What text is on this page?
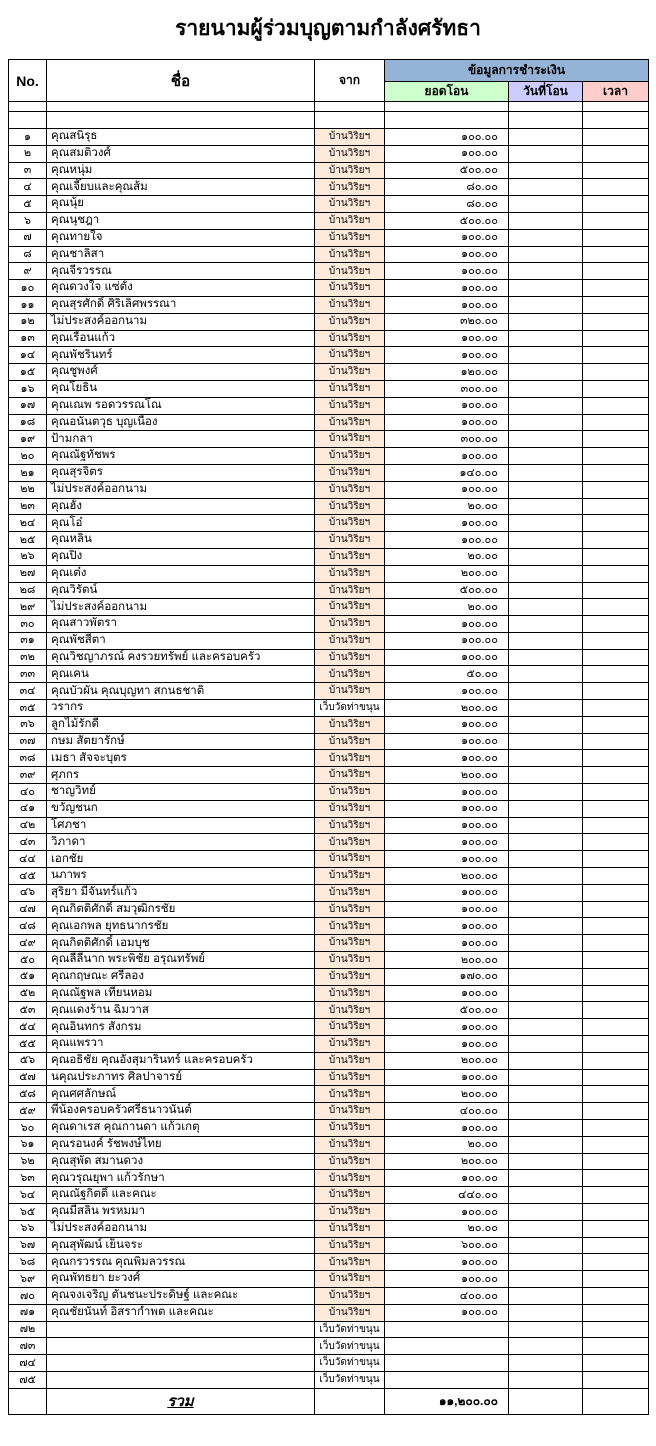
รายนามผู้ร่วมบุญตามกำลังศรัทธา
No.	ชื่อ	จาก	ข้อมูลการชำระเงิน		
			ยอดโอน	วันที่โอน	เวลา

๑	คุณสนิรุธ	บ้านวิริยฯ	๑๐๐.๐๐		
๒	คุณสมติวงศ์	บ้านวิริยฯ	๑๐๐.๐๐		
๓	คุณหนุ่ม	บ้านวิริยฯ	๕๐๐.๐๐		
๔	คุณเจี๊ยบและคุณส้ม	บ้านวิริยฯ	๘๐.๐๐		
๕	คุณนุ้ย	บ้านวิริยฯ	๘๐.๐๐		
๖	คุณนุชฎา	บ้านวิริยฯ	๕๐๐.๐๐		
๗	คุณทายใจ	บ้านวิริยฯ	๑๐๐.๐๐		
๘	คุณชาลิสา	บ้านวิริยฯ	๑๐๐.๐๐		
๙	คุณจีรวรรณ	บ้านวิริยฯ	๑๐๐.๐๐		
๑๐	คุณดวงใจ แซ่ตั้ง	บ้านวิริยฯ	๑๐๐.๐๐		
๑๑	คุณสุรศักดิ์ ศิริเลิศพรรณา	บ้านวิริยฯ	๑๐๐.๐๐		
๑๒	ไม่ประสงค์ออกนาม	บ้านวิริยฯ	๓๒๐.๐๐		
๑๓	คุณเรือนแก้ว	บ้านวิริยฯ	๑๐๐.๐๐		
๑๔	คุณพัชรินทร์	บ้านวิริยฯ	๑๐๐.๐๐		
๑๕	คุณชูพงศ์	บ้านวิริยฯ	๑๒๐.๐๐		
๑๖	คุณโยธิน	บ้านวิริยฯ	๓๐๐.๐๐		
๑๗	คุณเณพ รอดวรรณโณ	บ้านวิริยฯ	๑๐๐.๐๐		
๑๘	คุณอนันตวุธ บุญเนื่อง	บ้านวิริยฯ	๑๐๐.๐๐		
๑๙	ป้ามกลา	บ้านวิริยฯ	๓๐๐.๐๐		
๒๐	คุณณัฐทัชพร	บ้านวิริยฯ	๑๐๐.๐๐		
๒๑	คุณสุรจิตร	บ้านวิริยฯ	๑๔๐.๐๐		
๒๒	ไม่ประสงค์ออกนาม	บ้านวิริยฯ	๑๐๐.๐๐		
๒๓	คุณฮั้ง	บ้านวิริยฯ	๒๐.๐๐		
๒๔	คุณโอ๋	บ้านวิริยฯ	๑๐๐.๐๐		
๒๕	คุณหลิน	บ้านวิริยฯ	๑๐๐.๐๐		
๒๖	คุณปิ๋ง	บ้านวิริยฯ	๒๐.๐๐		
๒๗	คุณเต๋ง	บ้านวิริยฯ	๒๐๐.๐๐		
๒๘	คุณวิรัตน์	บ้านวิริยฯ	๕๐๐.๐๐		
๒๙	ไม่ประสงค์ออกนาม	บ้านวิริยฯ	๒๐.๐๐		
๓๐	คุณสาวพัตรา	บ้านวิริยฯ	๑๐๐.๐๐		
๓๑	คุณพัชสีตา	บ้านวิริยฯ	๑๐๐.๐๐		
๓๒	คุณวิชญาภรณ์ คงรวยทรัพย์ และครอบครัว	บ้านวิริยฯ	๑๐๐.๐๐		
๓๓	คุณเคน	บ้านวิริยฯ	๕๐.๐๐		
๓๔	คุณบัวผัน คุณบุญทา สกนธชาติ	บ้านวิริยฯ	๑๐๐.๐๐		
๓๕	วรากร	เว็บวัดท่าขนุน	๒๐๐.๐๐		
๓๖	ลูกไม้รักดี	บ้านวิริยฯ	๑๐๐.๐๐		
๓๗	กษม สัตยารักษ์	บ้านวิริยฯ	๑๐๐.๐๐		
๓๘	เมธา สัจจะบุตร	บ้านวิริยฯ	๑๐๐.๐๐		
๓๙	ศุภกร	บ้านวิริยฯ	๒๐๐.๐๐		
๔๐	ชาญวิทย์	บ้านวิริยฯ	๑๐๐.๐๐		
๔๑	ขวัญชนก	บ้านวิริยฯ	๑๐๐.๐๐		
๔๒	โศภชา	บ้านวิริยฯ	๑๐๐.๐๐		
๔๓	วิภาดา	บ้านวิริยฯ	๑๐๐.๐๐		
๔๔	เอกชัย	บ้านวิริยฯ	๑๐๐.๐๐		
๔๕	นภาพร	บ้านวิริยฯ	๒๐๐.๐๐		
๔๖	สุริยา มีจันทร์แก้ว	บ้านวิริยฯ	๑๐๐.๐๐		
๔๗	คุณกิตติศักดิ์ สมวุฒิกรชัย	บ้านวิริยฯ	๑๐๐.๐๐		
๔๘	คุณเอกพล ยุทธนากรชัย	บ้านวิริยฯ	๑๐๐.๐๐		
๔๙	คุณกิตติศักดิ์ เอมบุช	บ้านวิริยฯ	๑๐๐.๐๐		
๕๐	คุณลีลีนาก พระพิชัย อรุณทรัพย์	บ้านวิริยฯ	๒๐๐.๐๐		
๕๑	คุณกฤษณะ ศรีลอง	บ้านวิริยฯ	๑๗๐.๐๐		
๕๒	คุณณัฐพล เทียนหอม	บ้านวิริยฯ	๑๐๐.๐๐		
๕๓	คุณแดงร้าน ฉิมวาส	บ้านวิริยฯ	๕๐๐.๐๐		
๕๔	คุณอินทกร สังกรม	บ้านวิริยฯ	๑๐๐.๐๐		
๕๕	คุณแพรวา	บ้านวิริยฯ	๑๐๐.๐๐		
๕๖	คุณอธิชัย คุณอังสุมารินทร์ และครอบครัว	บ้านวิริยฯ	๒๐๐.๐๐		
๕๗	นคุณประภาทร ศิลปาจารย์	บ้านวิริยฯ	๑๐๐.๐๐		
๕๘	คุณศศลักษณ์	บ้านวิริยฯ	๒๐๐.๐๐		
๕๙	พี่น้องครอบครัวศรีธนาวนันต์	บ้านวิริยฯ	๔๐๐.๐๐		
๖๐	คุณดาเรส คุณกานดา แก้วเกตุ	บ้านวิริยฯ	๑๐๐.๐๐		
๖๑	คุณรอนงค์ รัชพงษ์ไทย	บ้านวิริยฯ	๒๐.๐๐		
๖๒	คุณสุพัด สมานดวง	บ้านวิริยฯ	๒๐๐.๐๐		
๖๓	คุณวรุณยุพา แก้วรักษา	บ้านวิริยฯ	๑๐๐.๐๐		
๖๔	คุณณัฐกิตติ์ และคณะ	บ้านวิริยฯ	๔๔๐.๐๐		
๖๕	คุณมีสลิน พรหมมา	บ้านวิริยฯ	๑๐๐.๐๐		
๖๖	ไม่ประสงค์ออกนาม	บ้านวิริยฯ	๒๐.๐๐		
๖๗	คุณสุพัฒน์ เย็นจระ	บ้านวิริยฯ	๖๐๐.๐๐		
๖๘	คุณกรวรรณ คุณพิมลวรรณ	บ้านวิริยฯ	๑๐๐.๐๐		
๖๙	คุณพัทธยา ยะวงศ์	บ้านวิริยฯ	๑๐๐.๐๐		
๗๐	คุณจงเจริญ ตันชนะประดิษฐ์ และคณะ	บ้านวิริยฯ	๔๐๐.๐๐		
๗๑	คุณชัยนันท์ อิสรากำพต และคณะ	บ้านวิริยฯ	๑๐๐.๐๐		
๗๒		เว็บวัดท่าขนุน			
๗๓		เว็บวัดท่าขนุน			
๗๔		เว็บวัดท่าขนุน			
๗๕		เว็บวัดท่าขนุน			
	รวม		๑๑,๒๐๐.๐๐		
